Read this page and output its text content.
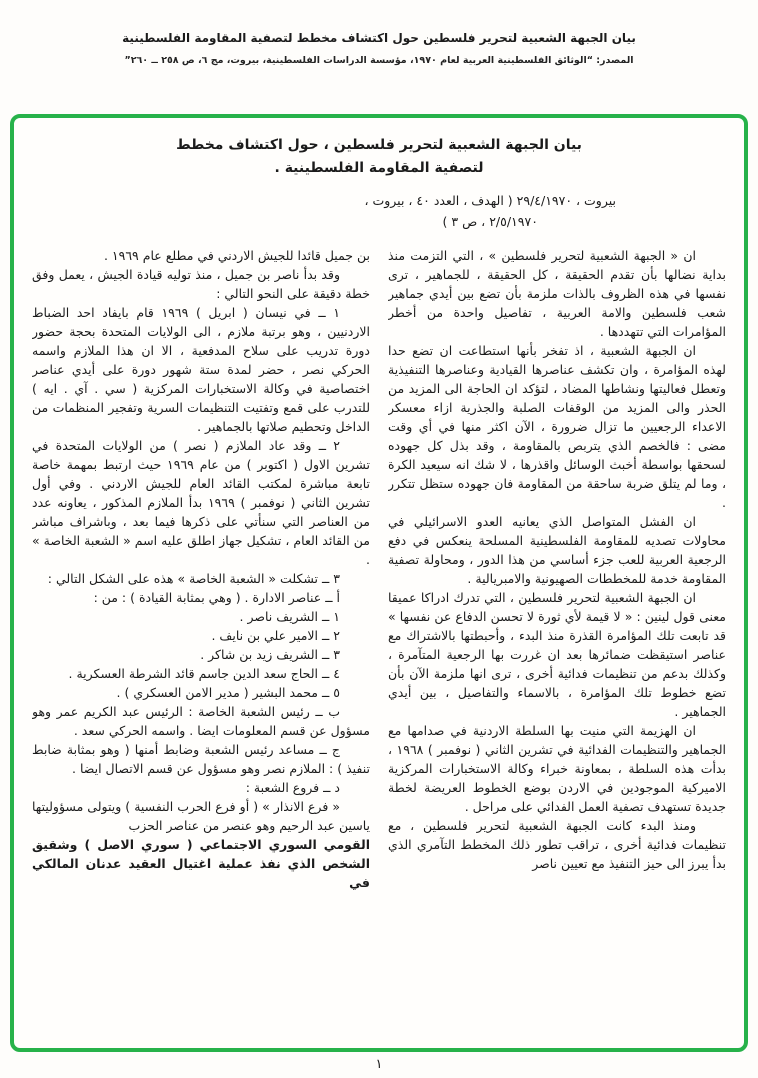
بيان الجبهة الشعبية لتحرير فلسطين حول اكتشاف مخطط لتصفية المقاومة الفلسطينية
المصدر: “الوثائق الفلسطينية العربية لعام ١٩٧٠، مؤسسة الدراسات الفلسطينية، بيروت، مج ٦، ص ٢٥٨ ــ ٢٦٠”
بيان الجبهة الشعبية لتحرير فلسطين ، حول اكتشاف مخطط
لتصفية المقاومة الفلسطينية .
بيروت ، ٢٩/٤/١٩٧٠ ( الهدف ، العدد ٤٠ ، بيروت ،
٢/٥/١٩٧٠ ، ص ٣ )

ان « الجبهة الشعبية لتحرير فلسطين » ، التي التزمت منذ بداية نضالها بأن تقدم الحقيقة ، كل الحقيقة ، للجماهير ، ترى نفسها في هذه الظروف بالذات ملزمة بأن تضع بين أيدي جماهير شعب فلسطين والامة العربية ، تفاصيل واحدة من أخطر المؤامرات التي تتهددها .

ان الجبهة الشعبية ، اذ تفخر بأنها استطاعت ان تضع حدا لهذه المؤامرة ، وان تكشف عناصرها القيادية وعناصرها التنفيذية وتعطل فعاليتها ونشاطها المضاد ، لتؤكد ان الحاجة الى المزيد من الحذر والى المزيد من الوقفات الصلبة والجذرية ازاء معسكر الاعداء الرجعيين ما تزال ضرورة ، الآن اكثر منها في أي وقت مضى : فالخصم الذي يتربص بالمقاومة ، وقد بذل كل جهوده لسحقها بواسطة أخبث الوسائل واقذرها ، لا شك انه سيعيد الكرة ، وما لم يتلق ضربة ساحقة من المقاومة فان جهوده ستظل تتكرر .

ان الفشل المتواصل الذي يعانيه العدو الاسرائيلي في محاولات تصديه للمقاومة الفلسطينية المسلحة ينعكس في دفع الرجعية العربية للعب جزء أساسي من هذا الدور ، ومحاولة تصفية المقاومة خدمة للمخططات الصهيونية والامبريالية .

ان الجبهة الشعبية لتحرير فلسطين ، التي تدرك ادراكا عميقا معنى قول لينين : « لا قيمة لأي ثورة لا تحسن الدفاع عن نفسها » قد تابعت تلك المؤامرة القذرة منذ البدء ، وأحبطتها بالاشتراك مع عناصر استيقظت ضمائرها بعد ان غررت بها الرجعية المتآمرة ، وكذلك بدعم من تنظيمات فدائية أخرى ، ترى انها ملزمة الآن بأن تضع خطوط تلك المؤامرة ، بالاسماء والتفاصيل ، بين أيدي الجماهير .

ان الهزيمة التي منيت بها السلطة الاردنية في صدامها مع الجماهير والتنظيمات الفدائية في تشرين الثاني ( نوفمبر ) ١٩٦٨ ، بدأت هذه السلطة ، بمعاونة خبراء وكالة الاستخبارات المركزية الاميركية الموجودين في الاردن بوضع الخطوط العريضة لخطة جديدة تستهدف تصفية العمل الفدائي على مراحل .

ومنذ البدء كانت الجبهة الشعبية لتحرير فلسطين ، مع تنظيمات فدائية أخرى ، تراقب تطور ذلك المخطط التآمري الذي بدأ يبرز الى حيز التنفيذ مع تعيين ناصر

بن جميل قائدا للجيش الاردني في مطلع عام ١٩٦٩ .

وقد بدأ ناصر بن جميل ، منذ توليه قيادة الجيش ، يعمل وفق خطة دقيقة على النحو التالي :

١ ــ في نيسان ( ابريل ) ١٩٦٩ قام بايفاد احد الضباط الاردنيين ، وهو برتبة ملازم ، الى الولايات المتحدة بحجة حضور دورة تدريب على سلاح المدفعية ، الا ان هذا الملازم واسمه الحركي نصر ، حضر لمدة ستة شهور دورة على أيدي عناصر اختصاصية في وكالة الاستخبارات المركزية ( سي . آي . ايه ) للتدرب على قمع وتفتيت التنظيمات السرية وتفجير المنظمات من الداخل وتحطيم صلاتها بالجماهير .

٢ ــ وقد عاد الملازم ( نصر ) من الولايات المتحدة في تشرين الاول ( اكتوبر ) من عام ١٩٦٩ حيث ارتبط بمهمة خاصة تابعة مباشرة لمكتب القائد العام للجيش الاردني . وفي أول تشرين الثاني ( نوفمبر ) ١٩٦٩ بدأ الملازم المذكور ، يعاونه عدد من العناصر التي سنأتي على ذكرها فيما بعد ، وباشراف مباشر من القائد العام ، تشكيل جهاز اطلق عليه اسم « الشعبة الخاصة » .

٣ ــ تشكلت « الشعبة الخاصة » هذه على الشكل التالي :

أ ــ عناصر الادارة . ( وهي بمثابة القيادة ) : من :

١ ــ الشريف ناصر .

٢ ــ الامير علي بن نايف .

٣ ــ الشريف زيد بن شاكر .

٤ ــ الحاج سعد الدين جاسم قائد الشرطة العسكرية .

٥ ــ محمد البشير ( مدير الامن العسكري ) .

ب ــ رئيس الشعبة الخاصة : الرئيس عبد الكريم عمر وهو مسؤول عن قسم المعلومات ايضا . واسمه الحركي سعد .

ج ــ مساعد رئيس الشعبة وضابط أمنها ( وهو بمثابة ضابط تنفيذ ) : الملازم نصر وهو مسؤول عن قسم الاتصال ايضا .

د ــ فروع الشعبة :

« فرع الانذار » ( أو فرع الحرب النفسية ) ويتولى مسؤوليتها ياسين عبد الرحيم وهو عنصر من عناصر الحزب

القومي السوري الاجتماعي ( سوري الاصل ) وشقيق الشخص الذي نفذ عملية اغتيال العقيد عدنان المالكي في

١
